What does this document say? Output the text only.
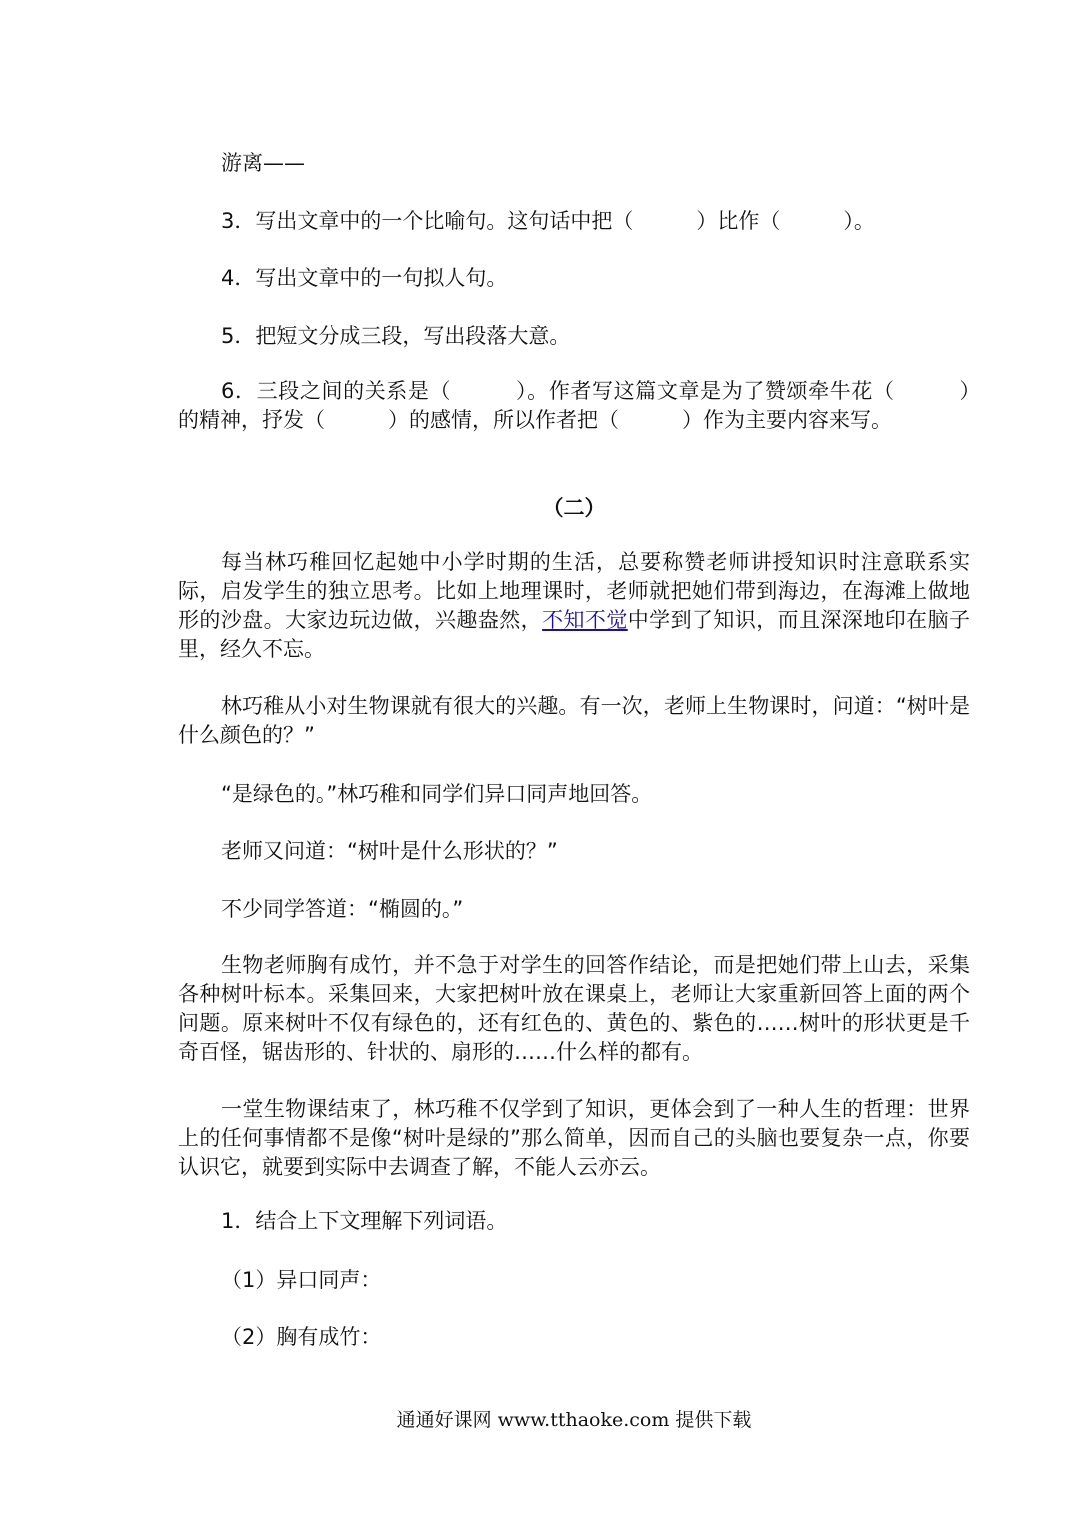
游离——
3．写出文章中的一个比喻句。这句话中把（　　　）比作（　　　）。
4．写出文章中的一句拟人句。
5．把短文分成三段，写出段落大意。
6．三段之间的关系是（　　　）。作者写这篇文章是为了赞颂牵牛花（　　　）　的精神，抒发（　　　）的感情，所以作者把（　　　）作为主要内容来写。
（二）
每当林巧稚回忆起她中小学时期的生活，总要称赞老师讲授知识时注意联系实际，启发学生的独立思考。比如上地理课时，老师就把她们带到海边，在海滩上做地形的沙盘。大家边玩边做，兴趣盎然，不知不觉中学到了知识，而且深深地印在脑子里，经久不忘。
林巧稚从小对生物课就有很大的兴趣。有一次，老师上生物课时，问道：“树叶是什么颜色的？”
“是绿色的。”林巧稚和同学们异口同声地回答。
老师又问道：“树叶是什么形状的？”
不少同学答道：“椭圆的。”
生物老师胸有成竹，并不急于对学生的回答作结论，而是把她们带上山去，采集各种树叶标本。采集回来，大家把树叶放在课桌上，老师让大家重新回答上面的两个问题。原来树叶不仅有绿色的，还有红色的、黄色的、紫色的……树叶的形状更是千奇百怪，锯齿形的、针状的、扇形的……什么样的都有。
一堂生物课结束了，林巧稚不仅学到了知识，更体会到了一种人生的哲理：世界上的任何事情都不是像“树叶是绿的”那么简单，因而自己的头脑也要复杂一点，你要认识它，就要到实际中去调查了解，不能人云亦云。
1．结合上下文理解下列词语。
（1）异口同声：
（2）胸有成竹：
通通好课网 www.tthaoke.com 提供下载
